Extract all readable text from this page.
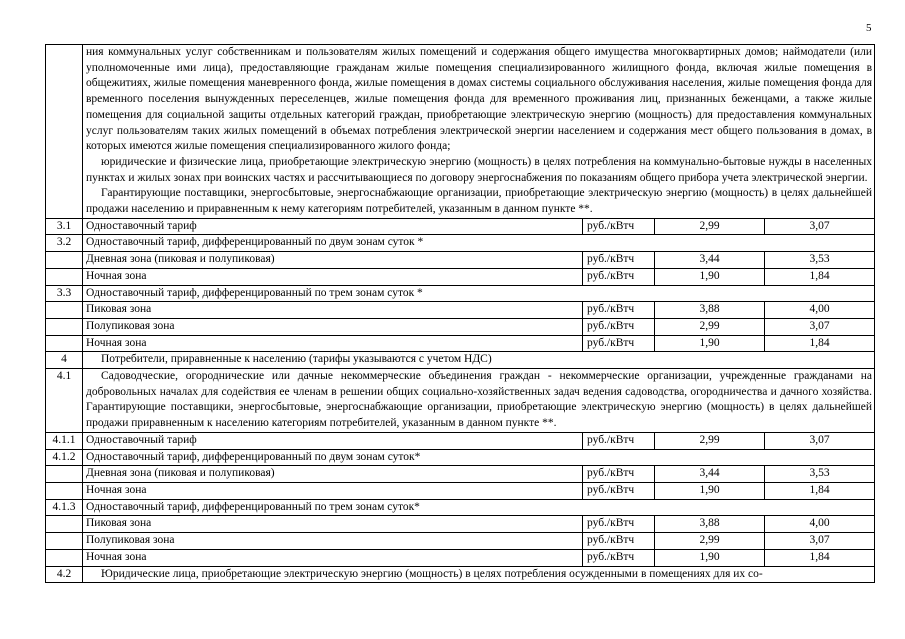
5

	ния коммунальных услуг собственникам и пользователям жилых помещений и содержания общего имущества многоквартирных домов; наймодатели (или уполномоченные ими лица), предоставляющие гражданам жилые помещения специализированного жилищного фонда, включая жилые помещения в общежитиях, жилые помещения маневренного фонда, жилые помещения в домах системы социального обслуживания населения, жилые помещения фонда для временного поселения вынужденных переселенцев, жилые помещения фонда для временного проживания лиц, признанных беженцами, а также жилые помещения для социальной защиты отдельных категорий граждан, приобретающие электрическую энергию (мощность) для предоставления коммунальных услуг пользователям таких жилых помещений в объемах потребления электрической энергии населением и содержания мест общего пользования в домах, в которых имеются жилые помещения специализированного жилого фонда;

юридические и физические лица, приобретающие электрическую энергию (мощность) в целях потребления на коммунально-бытовые нужды в населенных пунктах и жилых зонах при воинских частях и рассчитывающиеся по договору энергоснабжения по показаниям общего прибора учета электрической энергии.

Гарантирующие поставщики, энергосбытовые, энергоснабжающие организации, приобретающие электрическую энергию (мощность) в целях дальнейшей продажи населению и приравненным к нему категориям потребителей, указанным в данном пункте **.			

3.1	Одноставочный тариф	руб./кВтч	2,99	3,07
3.2	Одноставочный тариф, дифференцированный по двум зонам суток *			
	Дневная зона (пиковая и полупиковая)	руб./кВтч	3,44	3,53
	Ночная зона	руб./кВтч	1,90	1,84
3.3	Одноставочный тариф, дифференцированный по трем зонам суток *			
	Пиковая зона	руб./кВтч	3,88	4,00
	Полупиковая зона	руб./кВтч	2,99	3,07
	Ночная зона	руб./кВтч	1,90	1,84
4	Потребители, приравненные к населению (тарифы указываются с учетом НДС)			
4.1	Садоводческие, огороднические или дачные некоммерческие объединения граждан - некоммерческие организации, учрежденные гражданами на добровольных началах для содействия ее членам в решении общих социально-хозяйственных задач ведения садоводства, огородничества и дачного хозяйства. Гарантирующие поставщики, энергосбытовые, энергоснабжающие организации, приобретающие электрическую энергию (мощность) в целях дальнейшей продажи приравненным к населению категориям потребителей, указанным в данном пункте **.			

4.1.1	Одноставочный тариф	руб./кВтч	2,99	3,07
4.1.2	Одноставочный тариф, дифференцированный по двум зонам суток*			
	Дневная зона (пиковая и полупиковая)	руб./кВтч	3,44	3,53
	Ночная зона	руб./кВтч	1,90	1,84
4.1.3	Одноставочный тариф, дифференцированный по трем зонам суток*			
	Пиковая зона	руб./кВтч	3,88	4,00
	Полупиковая зона	руб./кВтч	2,99	3,07
	Ночная зона	руб./кВтч	1,90	1,84
4.2	Юридические лица, приобретающие электрическую энергию (мощность) в целях потребления осужденными в помещениях для их со-			
